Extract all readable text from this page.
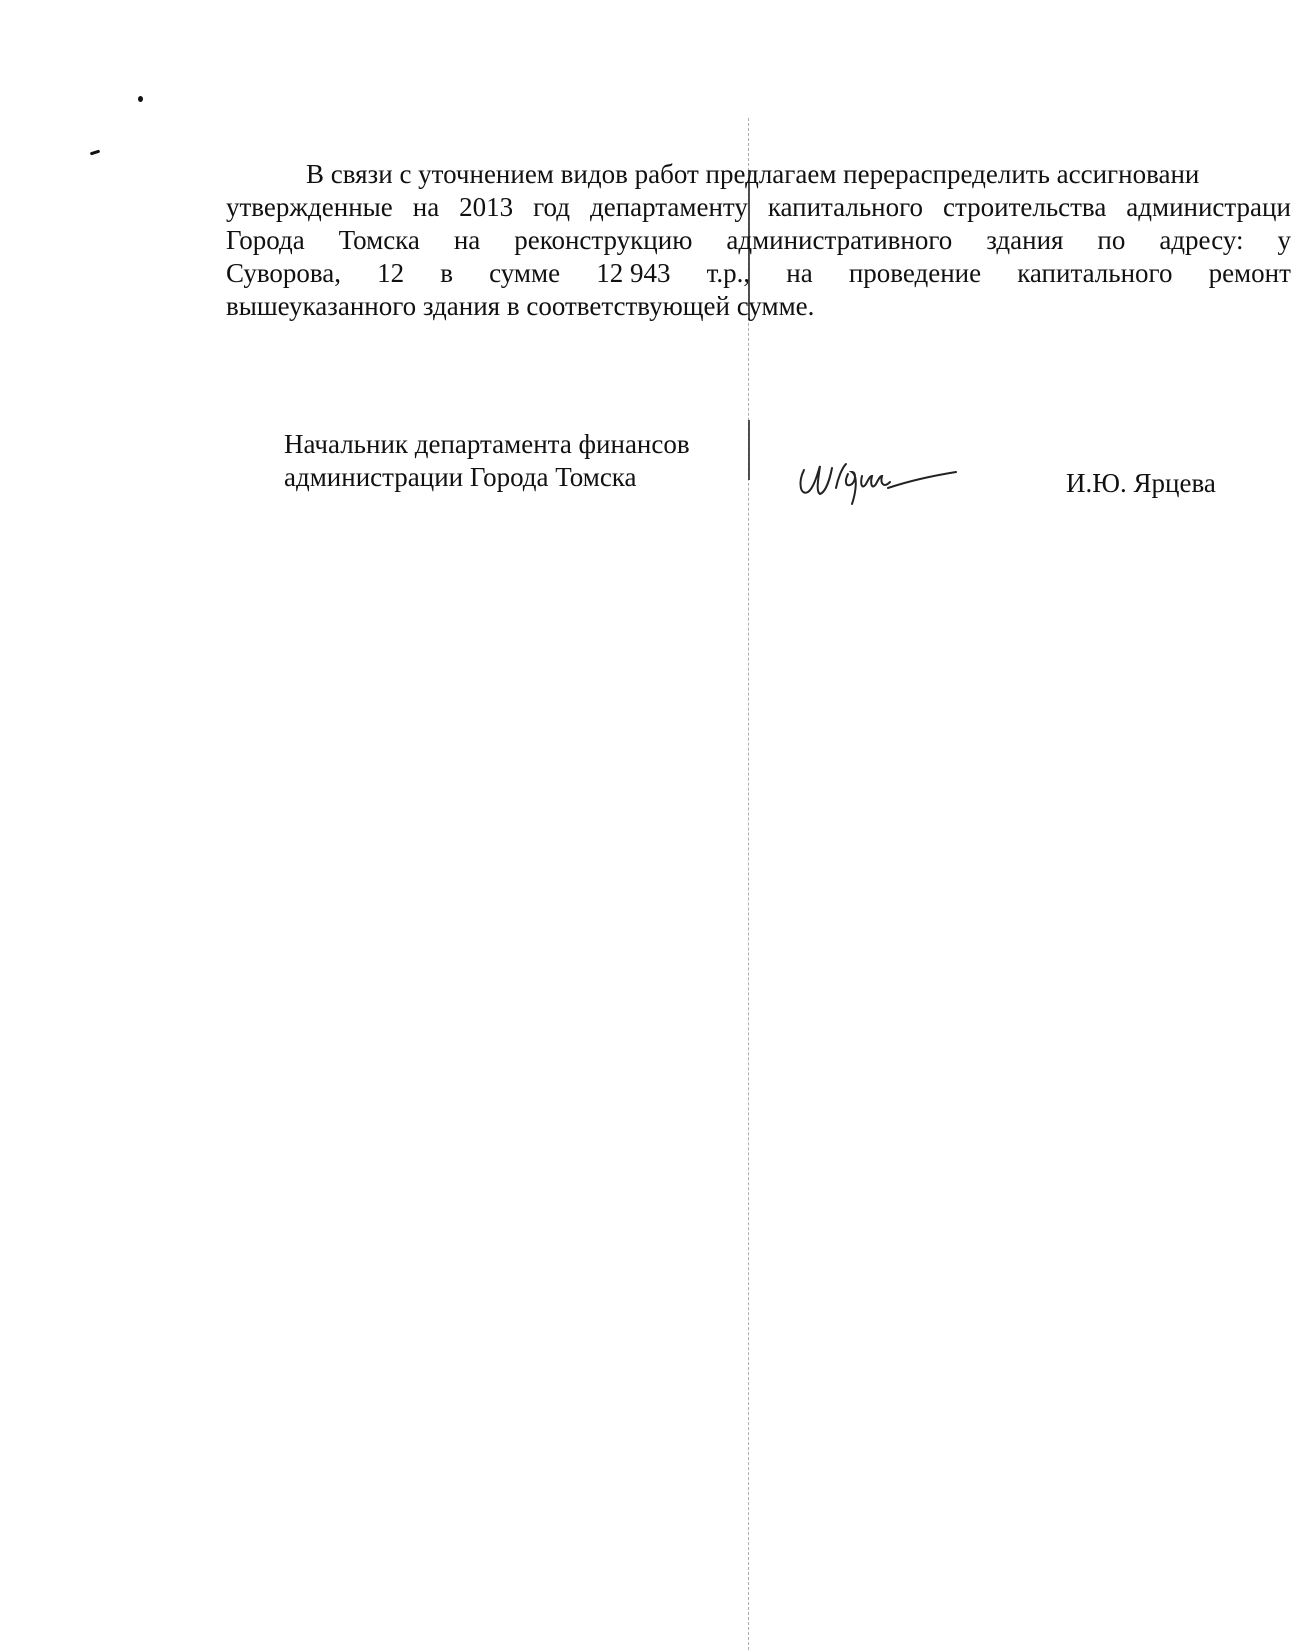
В связи с уточнением видов работ предлагаем перераспределить ассигновани
утвержденные на 2013 год департаменту капитального строительства администраци
Города Томска на реконструкцию административного здания по адресу: у
Суворова, 12 в сумме 12 943 т.р., на проведение капитального ремонт
вышеуказанного здания в соответствующей сумме.
Начальник департамента финансов
администрации Города Томска	И.Ю. Ярцева
